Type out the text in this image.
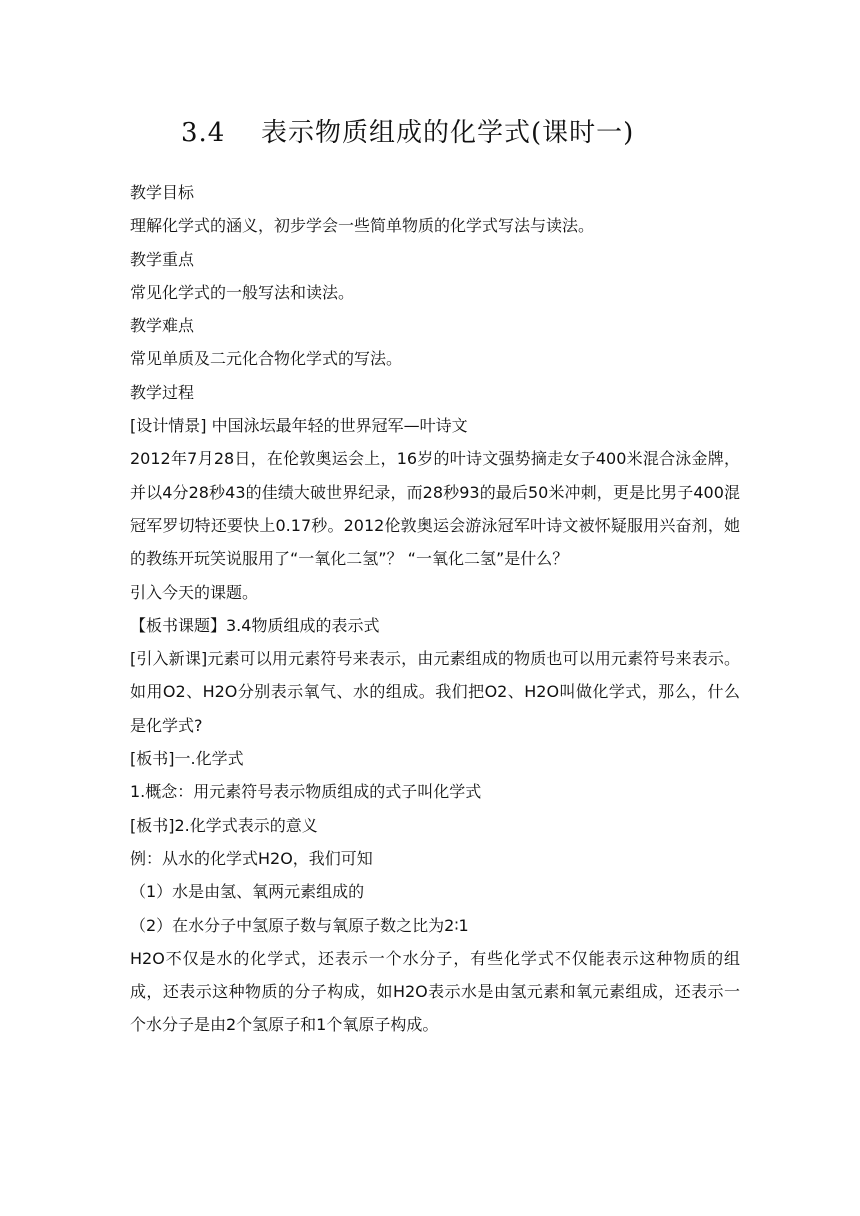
3.4 表示物质组成的化学式(课时一)

教学目标

理解化学式的涵义，初步学会一些简单物质的化学式写法与读法。

教学重点

常见化学式的一般写法和读法。

教学难点

常见单质及二元化合物化学式的写法。

教学过程

[设计情景] 中国泳坛最年轻的世界冠军—叶诗文

2012年7月28日，在伦敦奥运会上，16岁的叶诗文强势摘走女子400米混合泳金牌，并以4分28秒43的佳绩大破世界纪录，而28秒93的最后50米冲刺，更是比男子400混冠军罗切特还要快上0.17秒。2012伦敦奥运会游泳冠军叶诗文被怀疑服用兴奋剂，她的教练开玩笑说服用了“一氧化二氢”？ “一氧化二氢”是什么？

引入今天的课题。

【板书课题】3.4物质组成的表示式

[引入新课]元素可以用元素符号来表示，由元素组成的物质也可以用元素符号来表示。如用O2、H2O分别表示氧气、水的组成。我们把O2、H2O叫做化学式，那么，什么是化学式?

[板书]一.化学式

1.概念：用元素符号表示物质组成的式子叫化学式

[板书]2.化学式表示的意义

例：从水的化学式H2O，我们可知

（1）水是由氢、氧两元素组成的

（2）在水分子中氢原子数与氧原子数之比为2∶1

H2O不仅是水的化学式，还表示一个水分子，有些化学式不仅能表示这种物质的组成，还表示这种物质的分子构成，如H2O表示水是由氢元素和氧元素组成，还表示一个水分子是由2个氢原子和1个氧原子构成。
